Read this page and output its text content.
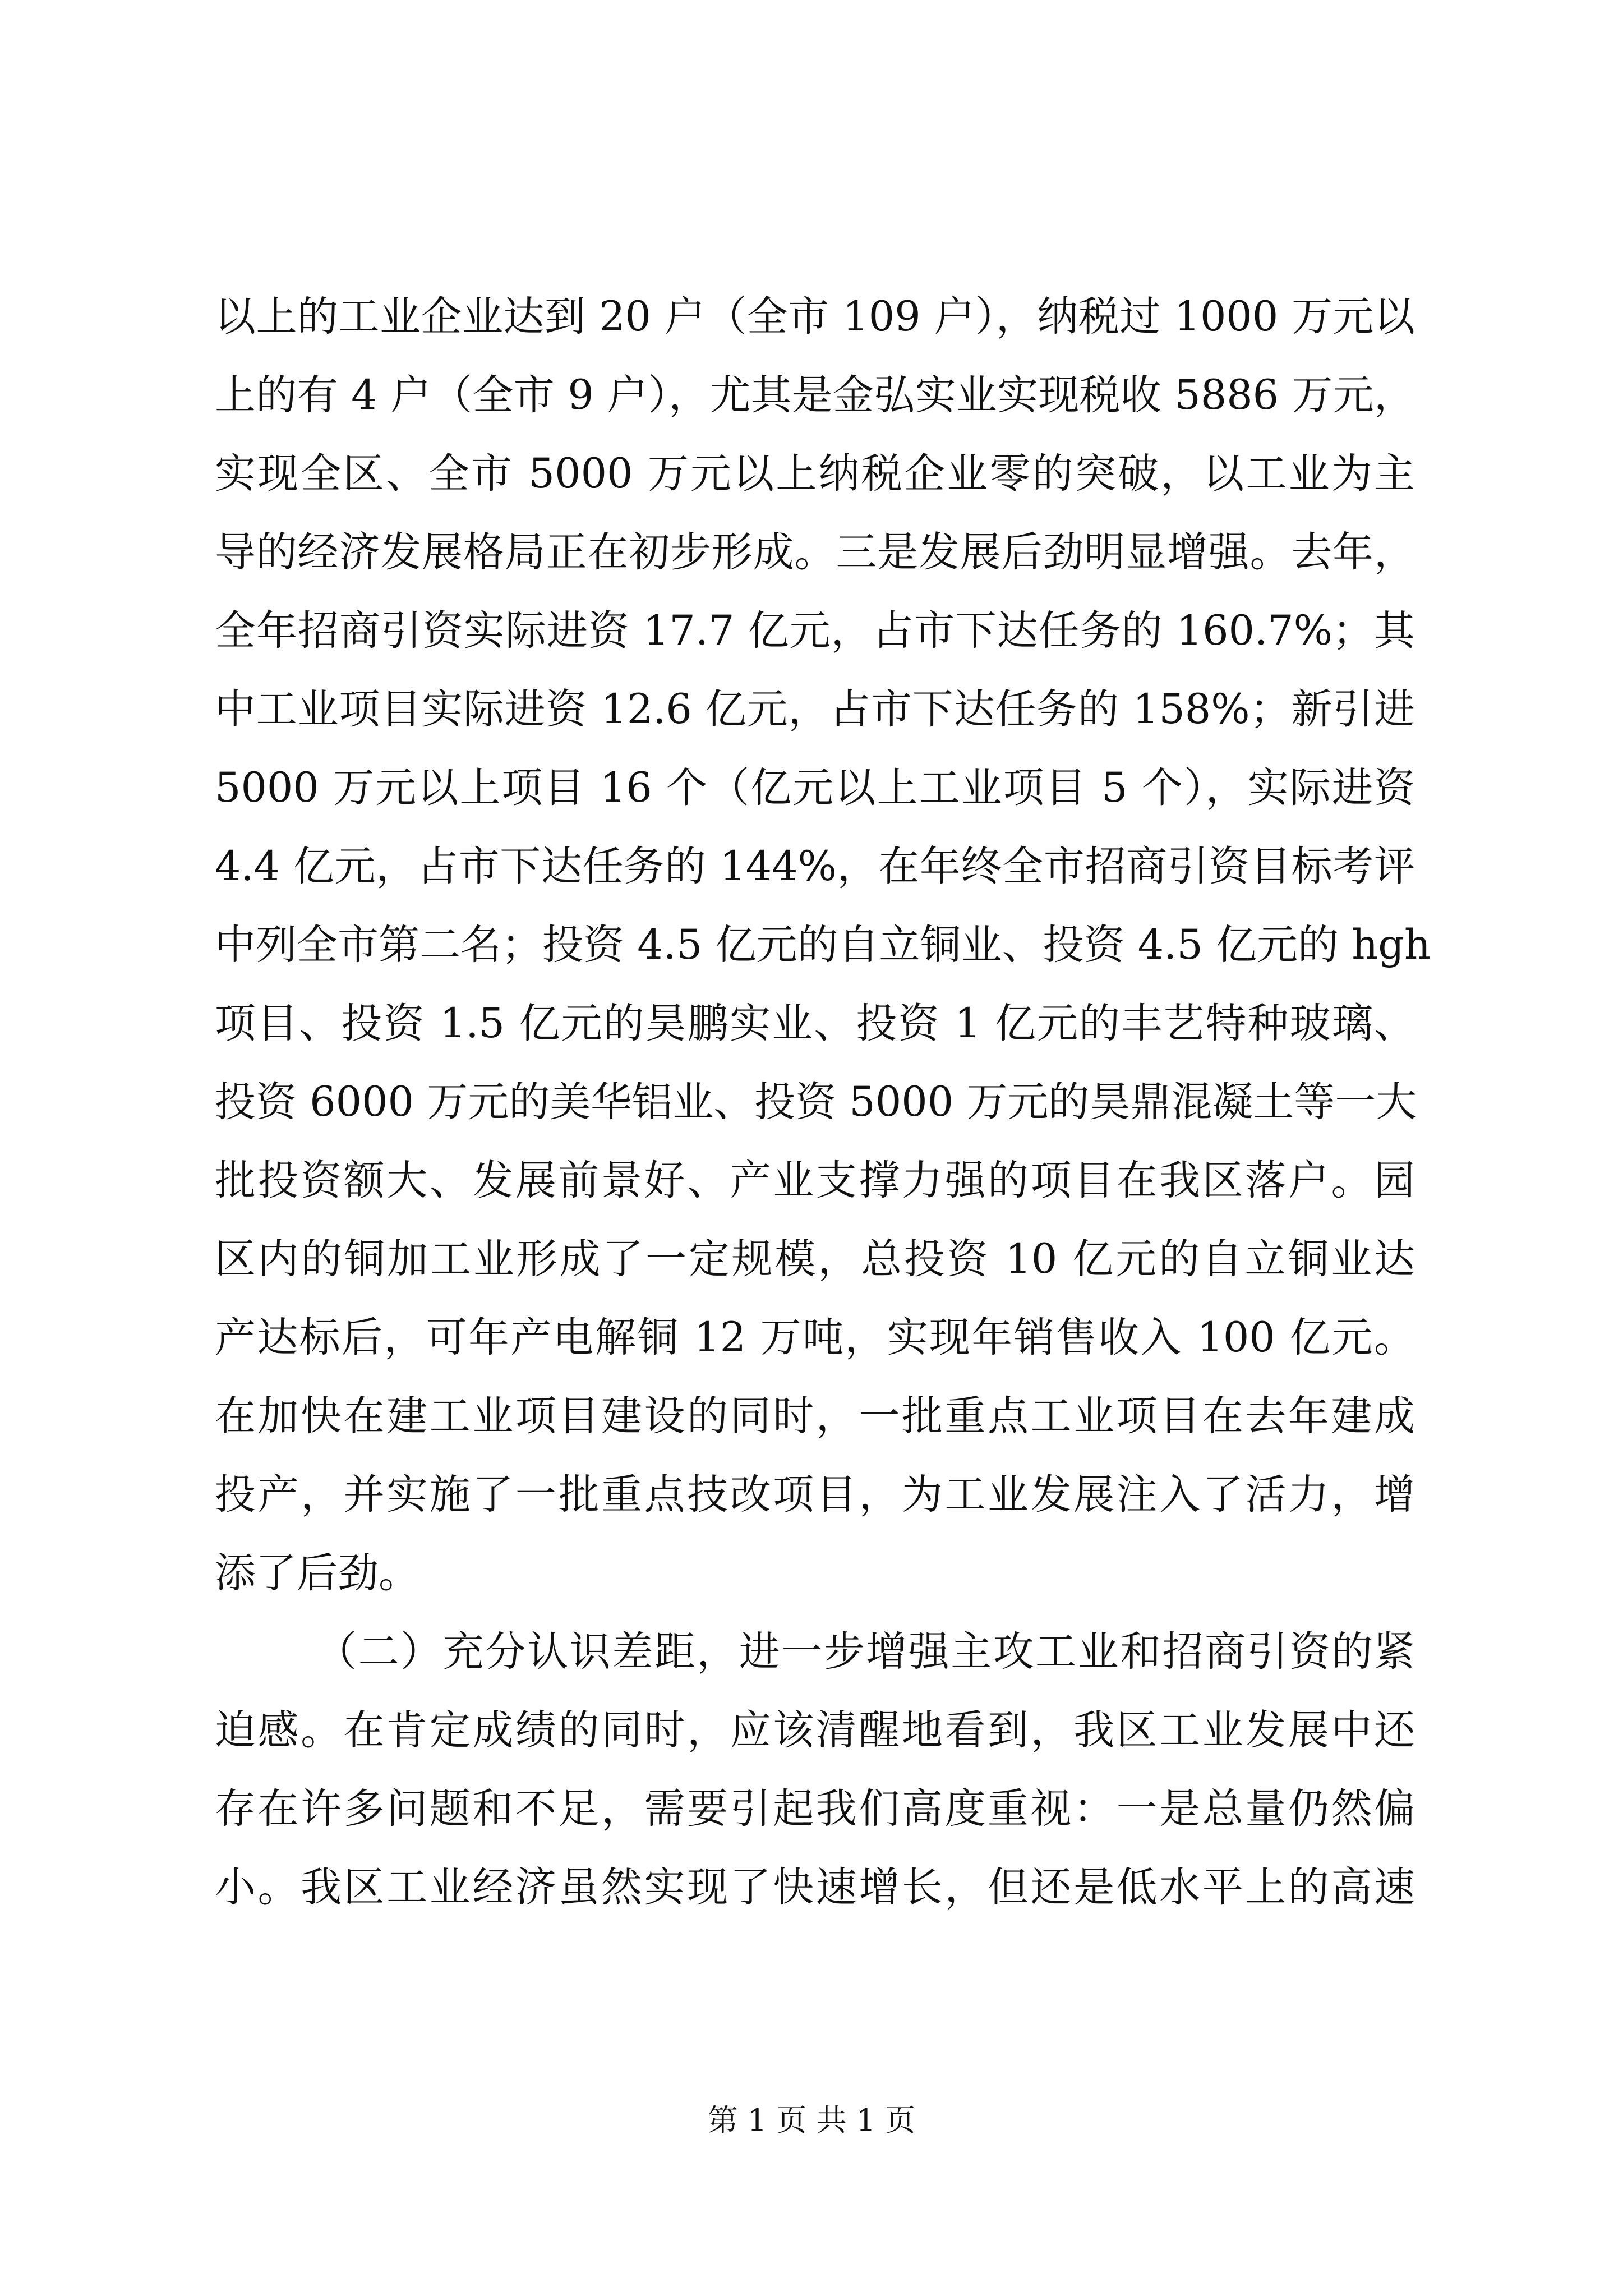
以上的工业企业达到 20 户（全市 109 户），纳税过 1000 万元以
上的有 4 户（全市 9 户），尤其是金弘实业实现税收 5886 万元，
实现全区、全市 5000 万元以上纳税企业零的突破，以工业为主
导的经济发展格局正在初步形成。三是发展后劲明显增强。去年，
全年招商引资实际进资 17.7 亿元，占市下达任务的 160.7%；其
中工业项目实际进资 12.6 亿元，占市下达任务的 158%；新引进
5000 万元以上项目 16 个（亿元以上工业项目 5 个），实际进资
4.4 亿元，占市下达任务的 144%，在年终全市招商引资目标考评
中列全市第二名；投资 4.5 亿元的自立铜业、投资 4.5 亿元的 hgh
项目、投资 1.5 亿元的昊鹏实业、投资 1 亿元的丰艺特种玻璃、
投资 6000 万元的美华铝业、投资 5000 万元的昊鼎混凝土等一大
批投资额大、发展前景好、产业支撑力强的项目在我区落户。园
区内的铜加工业形成了一定规模，总投资 10 亿元的自立铜业达
产达标后，可年产电解铜 12 万吨，实现年销售收入 100 亿元。
在加快在建工业项目建设的同时，一批重点工业项目在去年建成
投产，并实施了一批重点技改项目，为工业发展注入了活力，增
添了后劲。
（二）充分认识差距，进一步增强主攻工业和招商引资的紧
迫感。在肯定成绩的同时，应该清醒地看到，我区工业发展中还
存在许多问题和不足，需要引起我们高度重视：一是总量仍然偏
小。我区工业经济虽然实现了快速增长，但还是低水平上的高速
第 1 页 共 1 页
